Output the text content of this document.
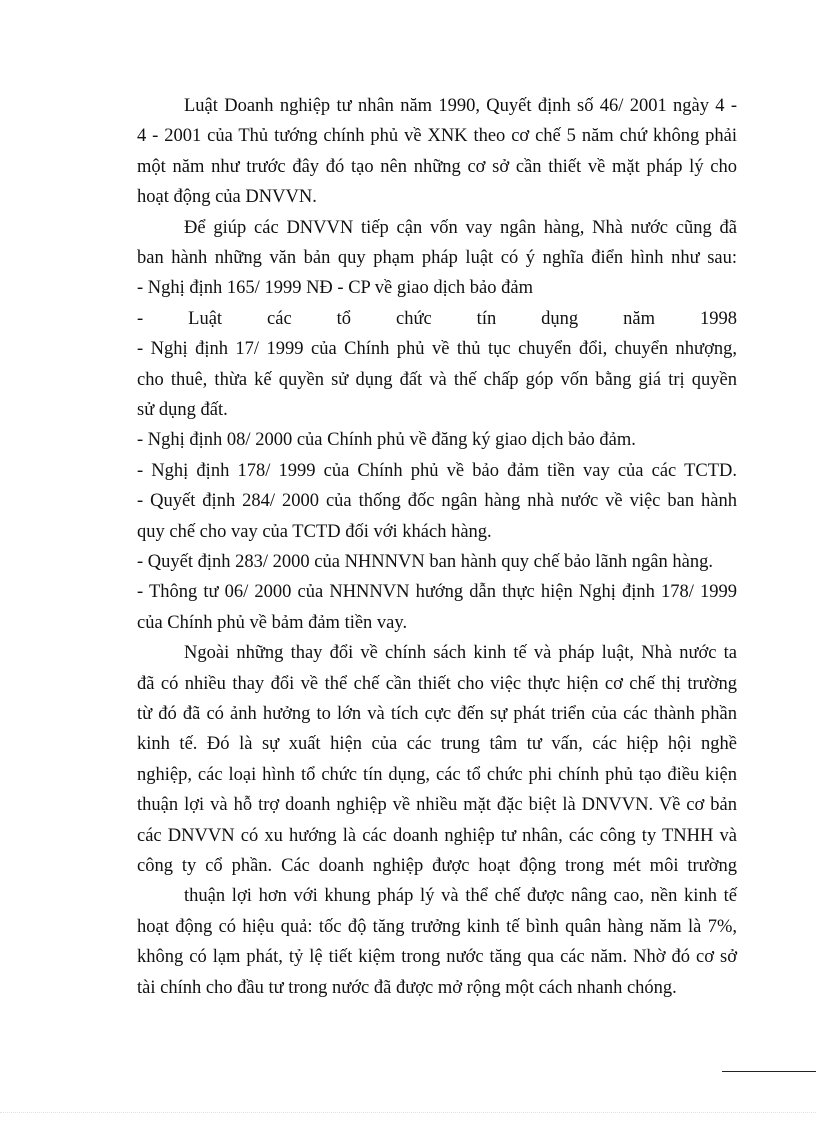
Luật Doanh nghiệp tư nhân năm 1990, Quyết định số 46/ 2001 ngày 4 -
4 - 2001 của Thủ tướng chính phủ về XNK theo cơ chế 5 năm chứ không phải
một năm như trước đây đó tạo nên những cơ sở cần thiết về mặt pháp lý cho
hoạt động của DNVVN.
Để giúp các DNVVN tiếp cận vốn vay ngân hàng, Nhà nước cũng đã
ban hành những văn bản quy phạm pháp luật có ý nghĩa điển hình như sau:
- Nghị định 165/ 1999 NĐ - CP về giao dịch bảo đảm
- Luật các tổ chức tín dụng năm 1998
- Nghị định 17/ 1999 của Chính phủ về thủ tục chuyển đổi, chuyển nhượng,
cho thuê, thừa kế quyền sử dụng đất và thế chấp góp vốn bằng giá trị quyền
sử dụng đất.
- Nghị định 08/ 2000 của Chính phủ về đăng ký giao dịch bảo đảm.
- Nghị định 178/ 1999 của Chính phủ về bảo đảm tiền vay của các TCTD.
- Quyết định 284/ 2000 của thống đốc ngân hàng nhà nước về việc ban hành
quy chế cho vay của TCTD đối với khách hàng.
- Quyết định 283/ 2000 của NHNNVN ban hành quy chế bảo lãnh ngân hàng.
- Thông tư 06/ 2000 của NHNNVN hướng dẫn thực hiện Nghị định 178/ 1999
của Chính phủ về bảm đảm tiền vay.
Ngoài những thay đổi về chính sách kinh tế và pháp luật, Nhà nước ta
đã có nhiều thay đổi về thể chế cần thiết cho việc thực hiện cơ chế thị trường
từ đó đã có ảnh hưởng to lớn và tích cực đến sự phát triển của các thành phần
kinh tế. Đó là sự xuất hiện của các trung tâm tư vấn, các hiệp hội nghề
nghiệp, các loại hình tổ chức tín dụng, các tổ chức phi chính phủ tạo điều kiện
thuận lợi và hỗ trợ doanh nghiệp về nhiều mặt đặc biệt là DNVVN. Về cơ bản
các DNVVN có xu hướng là các doanh nghiệp tư nhân, các công ty TNHH và
công ty cổ phần. Các doanh nghiệp được hoạt động trong mét môi trường
thuận lợi hơn với khung pháp lý và thể chế được nâng cao, nền kinh tế
hoạt động có hiệu quả: tốc độ tăng trưởng kinh tế bình quân hàng năm là 7%,
không có lạm phát, tỷ lệ tiết kiệm trong nước tăng qua các năm. Nhờ đó cơ sở
tài chính cho đầu tư trong nước đã được mở rộng một cách nhanh chóng.
